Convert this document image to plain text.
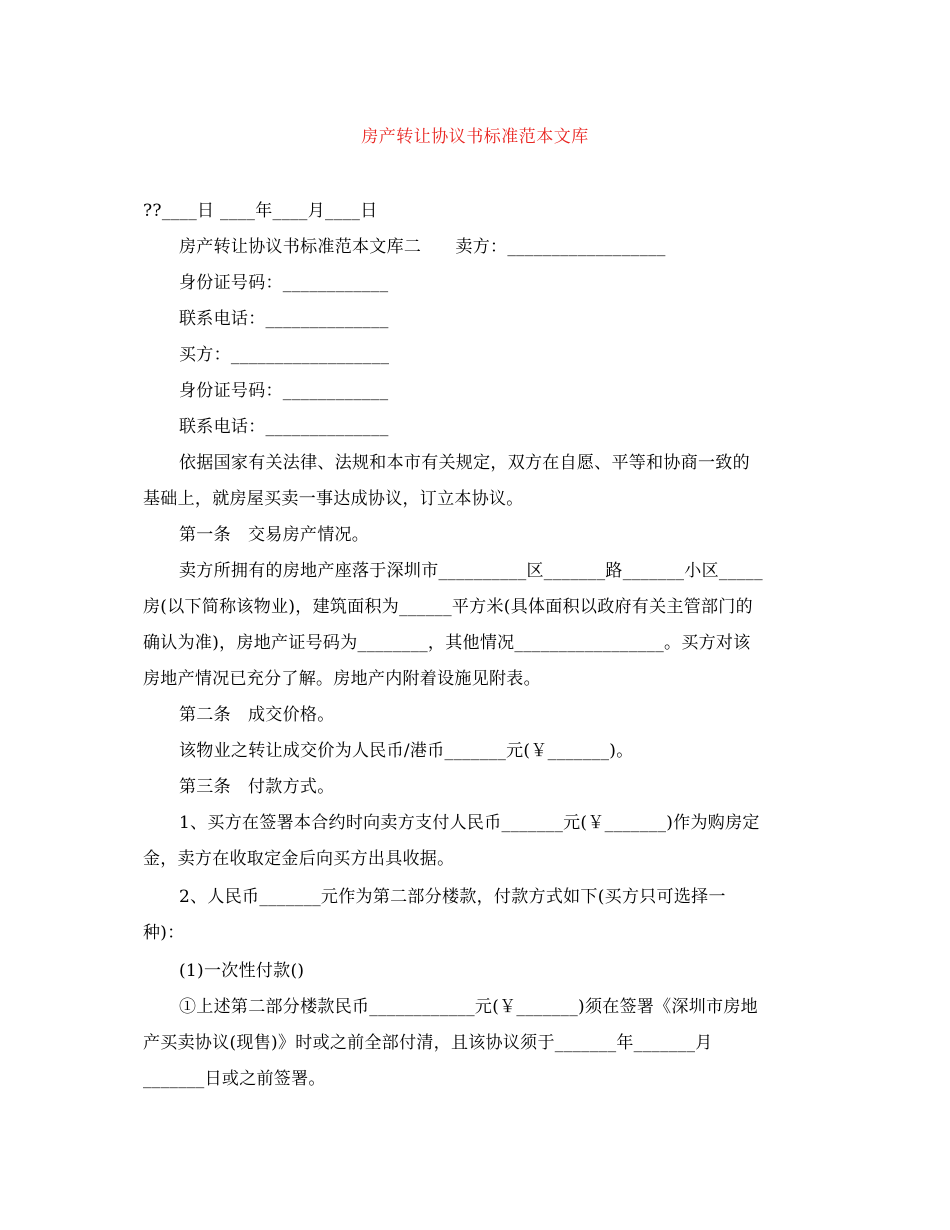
房产转让协议书标准范本文库
??____日 ____年____月____日
房产转让协议书标准范本文库二      卖方：__________________
身份证号码：____________
联系电话：______________
买方：__________________
身份证号码：____________
联系电话：______________
依据国家有关法律、法规和本市有关规定，双方在自愿、平等和协商一致的
基础上，就房屋买卖一事达成协议，订立本协议。
第一条   交易房产情况。
卖方所拥有的房地产座落于深圳市__________区_______路_______小区_____
房(以下简称该物业)，建筑面积为______平方米(具体面积以政府有关主管部门的
确认为准)，房地产证号码为________，其他情况_________________。买方对该
房地产情况已充分了解。房地产内附着设施见附表。
第二条   成交价格。
该物业之转让成交价为人民币/港币_______元(￥_______)。
第三条   付款方式。
1、买方在签署本合约时向卖方支付人民币_______元(￥_______)作为购房定
金，卖方在收取定金后向买方出具收据。
2、人民币_______元作为第二部分楼款，付款方式如下(买方只可选择一
种)：
(1)一次性付款()
①上述第二部分楼款民币____________元(￥_______)须在签署《深圳市房地
产买卖协议(现售)》时或之前全部付清，且该协议须于_______年_______月
_______日或之前签署。
